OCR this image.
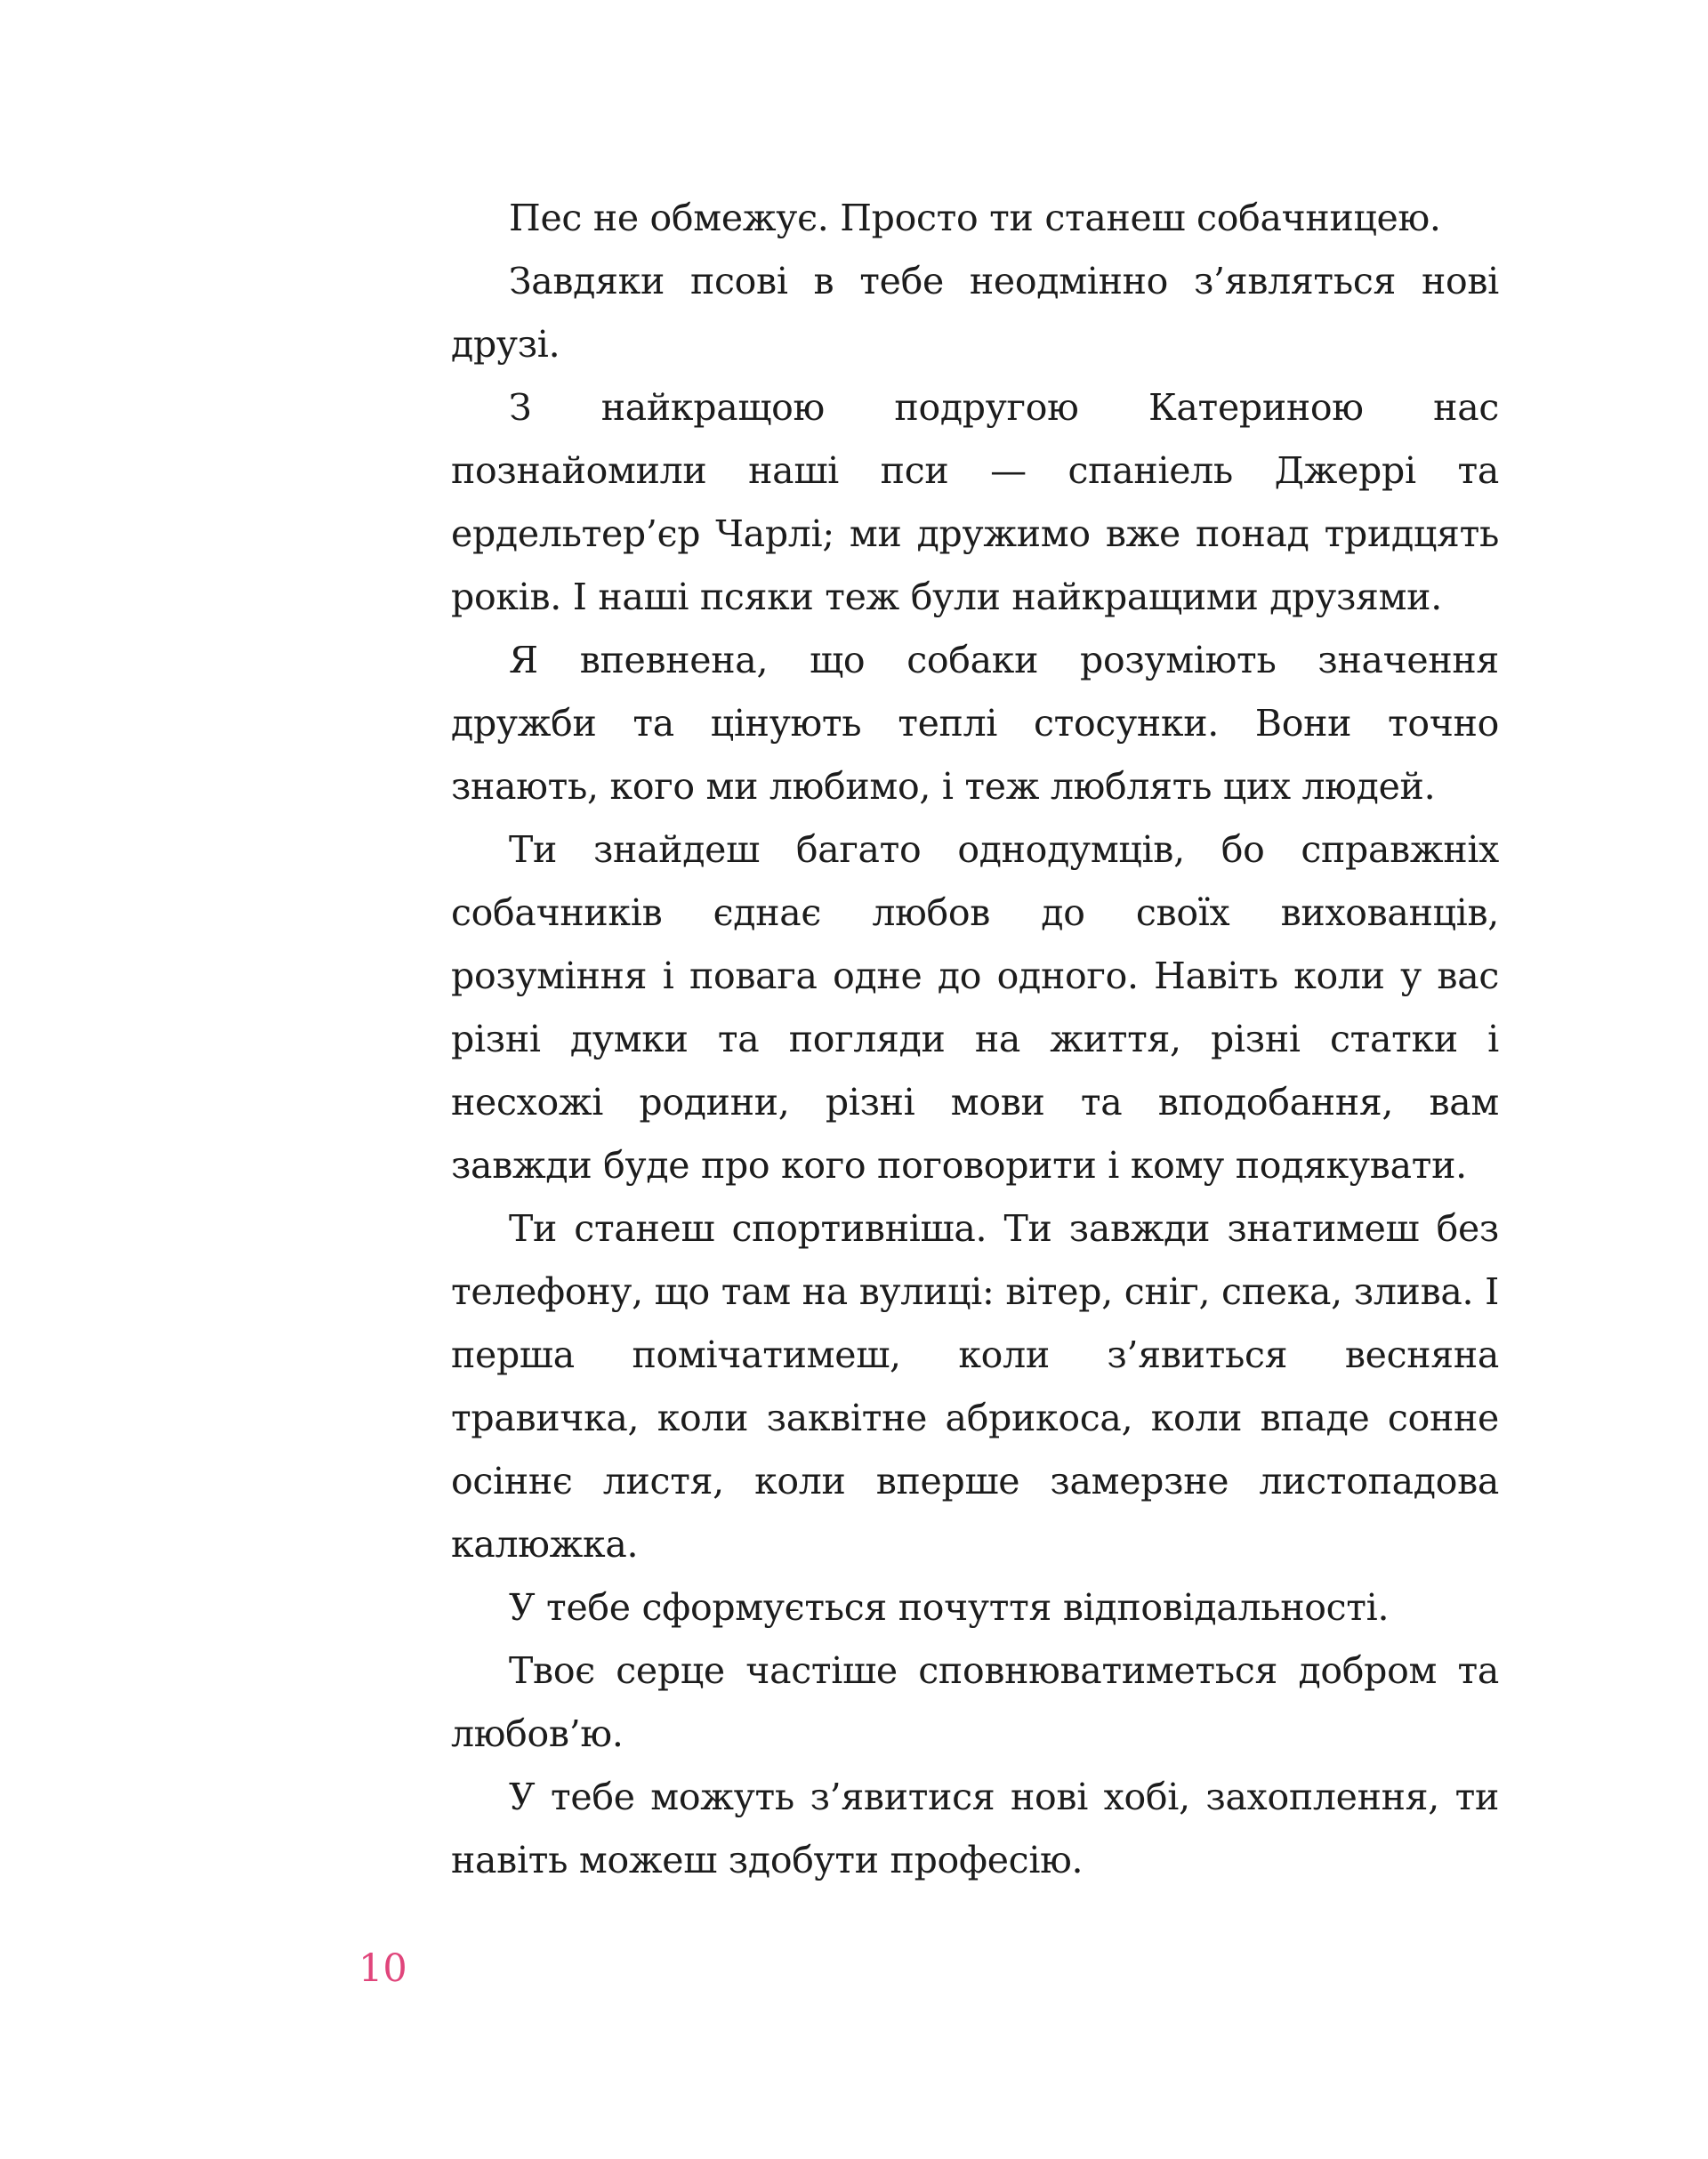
Пес не обмежує. Просто ти станеш собачницею.

Завдяки псові в тебе неодмінно з’являться нові друзі.

З найкращою подругою Катериною нас познайомили наші пси — спаніель Джеррі та ердельтер’єр Чарлі; ми дружимо вже понад тридцять років. І наші псяки теж були найкращими друзями.

Я впевнена, що собаки розуміють значення дружби та цінують теплі стосунки. Вони точно знають, кого ми любимо, і теж люблять цих людей.

Ти знайдеш багато однодумців, бо справжніх собачників єднає любов до своїх вихованців, розуміння і повага одне до одного. Навіть коли у вас різні думки та погляди на життя, різні статки і несхожі родини, різні мови та вподобання, вам завжди буде про кого поговорити і кому подякувати.

Ти станеш спортивніша. Ти завжди знатимеш без телефону, що там на вулиці: вітер, сніг, спека, злива. І перша помічатимеш, коли з’явиться весняна травичка, коли заквітне абрикоса, коли впаде сонне осіннє листя, коли вперше замерзне листопадова калюжка.

У тебе сформується почуття відповідальності.

Твоє серце частіше сповнюватиметься добром та любов’ю.

У тебе можуть з’явитися нові хобі, захоплення, ти навіть можеш здобути професію.

10
